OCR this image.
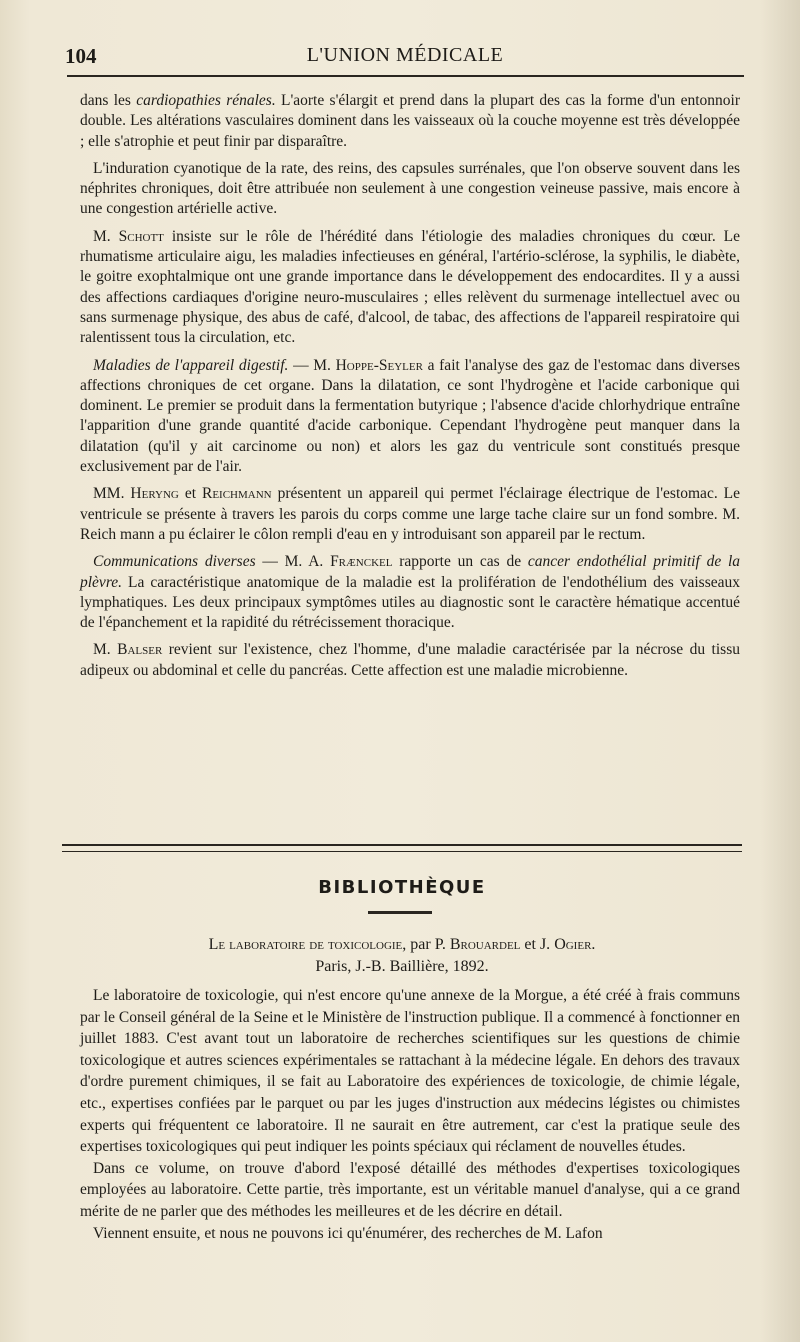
104	L'UNION MÉDICALE

dans les cardiopathies rénales. L'aorte s'élargit et prend dans la plupart des cas la forme d'un entonnoir double. Les altérations vasculaires dominent dans les vaisseaux où la couche moyenne est très développée ; elle s'atrophie et peut finir par disparaître.

L'induration cyanotique de la rate, des reins, des capsules surrénales, que l'on observe souvent dans les néphrites chroniques, doit être attribuée non seulement à une congestion veineuse passive, mais encore à une congestion artérielle active.

M. Schott insiste sur le rôle de l'hérédité dans l'étiologie des maladies chroniques du cœur. Le rhumatisme articulaire aigu, les maladies infectieuses en général, l'artério-sclérose, la syphilis, le diabète, le goitre exophtalmique ont une grande importance dans le développement des endocardites. Il y a aussi des affections cardiaques d'origine neuro-musculaires ; elles relèvent du surmenage intellectuel avec ou sans surmenage physique, des abus de café, d'alcool, de tabac, des affections de l'appareil respiratoire qui ralentissent tous la circulation, etc.

Maladies de l'appareil digestif. — M. Hoppe-Seyler a fait l'analyse des gaz de l'estomac dans diverses affections chroniques de cet organe. Dans la dilatation, ce sont l'hydrogène et l'acide carbonique qui dominent. Le premier se produit dans la fermentation butyrique ; l'absence d'acide chlorhydrique entraîne l'apparition d'une grande quantité d'acide carbonique. Cependant l'hydrogène peut manquer dans la dilatation (qu'il y ait carcinome ou non) et alors les gaz du ventricule sont constitués presque exclusivement par de l'air.

MM. Heryng et Reichmann présentent un appareil qui permet l'éclairage électrique de l'estomac. Le ventricule se présente à travers les parois du corps comme une large tache claire sur un fond sombre. M. Reich mann a pu éclairer le côlon rempli d'eau en y introduisant son appareil par le rectum.

Communications diverses — M. A. Frænckel rapporte un cas de cancer endothélial primitif de la plèvre. La caractéristique anatomique de la maladie est la prolifération de l'endothélium des vaisseaux lymphatiques. Les deux principaux symptômes utiles au diagnostic sont le caractère hématique accentué de l'épanchement et la rapidité du rétrécissement thoracique.

M. Balser revient sur l'existence, chez l'homme, d'une maladie caractérisée par la nécrose du tissu adipeux ou abdominal et celle du pancréas. Cette affection est une maladie microbienne.

BIBLIOTHÈQUE
Le laboratoire de toxicologie, par P. Brouardel et J. Ogier.
Paris, J.-B. Baillière, 1892.

Le laboratoire de toxicologie, qui n'est encore qu'une annexe de la Morgue, a été créé à frais communs par le Conseil général de la Seine et le Ministère de l'instruction publique. Il a commencé à fonctionner en juillet 1883. C'est avant tout un laboratoire de recherches scientifiques sur les questions de chimie toxicologique et autres sciences expérimentales se rattachant à la médecine légale. En dehors des travaux d'ordre purement chimiques, il se fait au Laboratoire des expériences de toxicologie, de chimie légale, etc., expertises confiées par le parquet ou par les juges d'instruction aux médecins légistes ou chimistes experts qui fréquentent ce laboratoire. Il ne saurait en être autrement, car c'est la pratique seule des expertises toxicologiques qui peut indiquer les points spéciaux qui réclament de nouvelles études.

Dans ce volume, on trouve d'abord l'exposé détaillé des méthodes d'expertises toxicologiques employées au laboratoire. Cette partie, très importante, est un véritable manuel d'analyse, qui a ce grand mérite de ne parler que des méthodes les meilleures et de les décrire en détail.

Viennent ensuite, et nous ne pouvons ici qu'énumérer, des recherches de M. Lafon
